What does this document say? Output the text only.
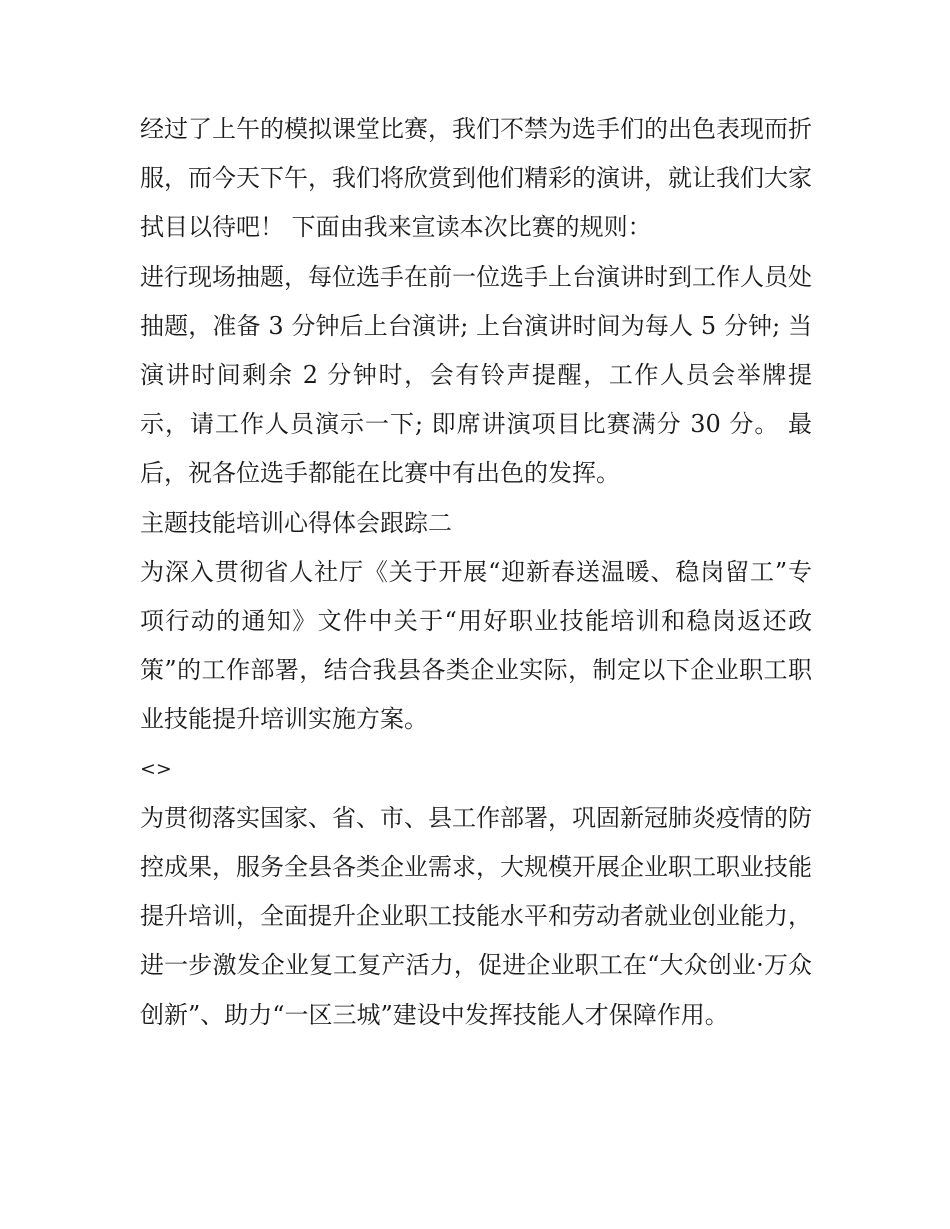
经过了上午的模拟课堂比赛，我们不禁为选手们的出色表现而折服，而今天下午，我们将欣赏到他们精彩的演讲，就让我们大家拭目以待吧！ 下面由我来宣读本次比赛的规则：

进行现场抽题，每位选手在前一位选手上台演讲时到工作人员处抽题，准备 3 分钟后上台演讲; 上台演讲时间为每人 5 分钟; 当演讲时间剩余 2 分钟时，会有铃声提醒，工作人员会举牌提示，请工作人员演示一下; 即席讲演项目比赛满分 30 分。 最后，祝各位选手都能在比赛中有出色的发挥。

主题技能培训心得体会跟踪二

为深入贯彻省人社厅《关于开展“迎新春送温暖、稳岗留工”专项行动的通知》文件中关于“用好职业技能培训和稳岗返还政策”的工作部署，结合我县各类企业实际，制定以下企业职工职业技能提升培训实施方案。

<>

为贯彻落实国家、省、市、县工作部署，巩固新冠肺炎疫情的防控成果，服务全县各类企业需求，大规模开展企业职工职业技能提升培训，全面提升企业职工技能水平和劳动者就业创业能力，进一步激发企业复工复产活力，促进企业职工在“大众创业·万众创新”、助力“一区三城”建设中发挥技能人才保障作用。
